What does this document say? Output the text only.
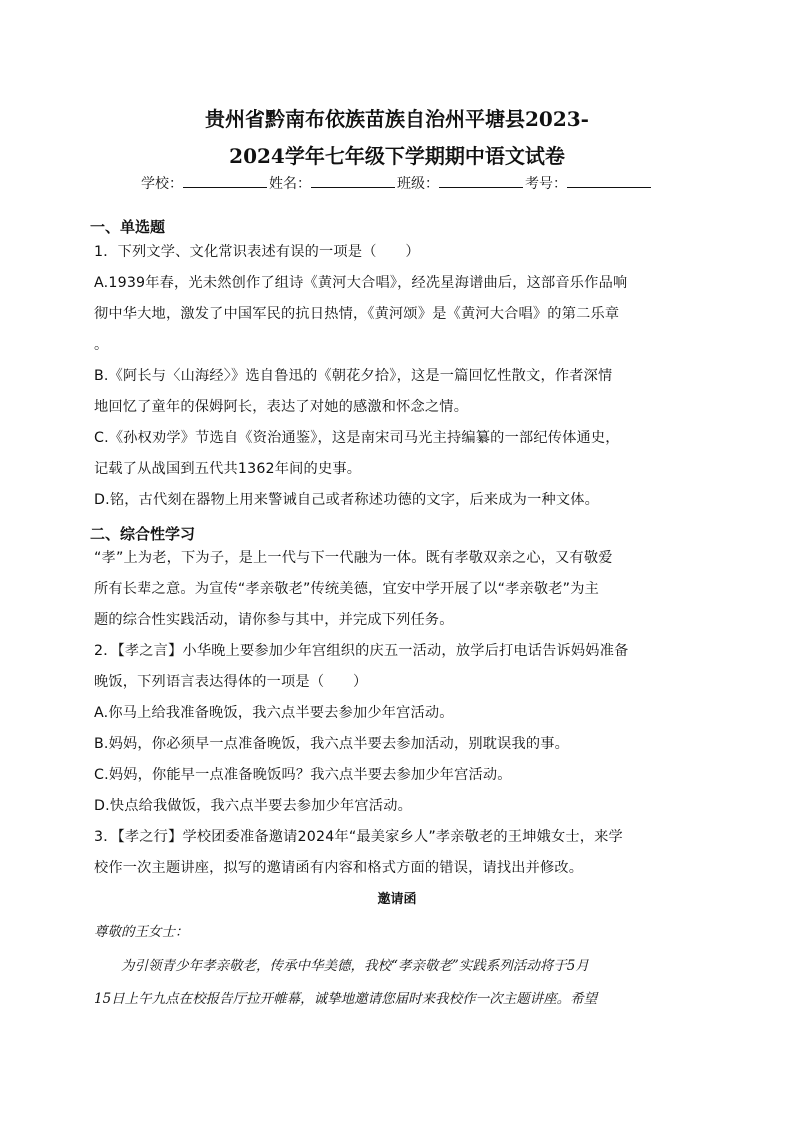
贵州省黔南布依族苗族自治州平塘县2023-
2024学年七年级下学期期中语文试卷
学校：	姓名：	班级：	考号：
一、单选题
1．下列文学、文化常识表述有误的一项是（　　）
A.1939年春，光未然创作了组诗《黄河大合唱》，经冼星海谱曲后，这部音乐作品响
彻中华大地，激发了中国军民的抗日热情，《黄河颂》是《黄河大合唱》的第二乐章
。
B.《阿长与〈山海经〉》选自鲁迅的《朝花夕拾》，这是一篇回忆性散文，作者深情
地回忆了童年的保姆阿长，表达了对她的感激和怀念之情。
C.《孙权劝学》节选自《资治通鉴》，这是南宋司马光主持编纂的一部纪传体通史，
记载了从战国到五代共1362年间的史事。
D.铭，古代刻在器物上用来警诫自己或者称述功德的文字，后来成为一种文体。
二、综合性学习
“孝”上为老，下为子，是上一代与下一代融为一体。既有孝敬双亲之心，又有敬爱
所有长辈之意。为宣传“孝亲敬老”传统美德，宜安中学开展了以“孝亲敬老”为主
题的综合性实践活动，请你参与其中，并完成下列任务。
2．【孝之言】小华晚上要参加少年宫组织的庆五一活动，放学后打电话告诉妈妈准备
晚饭，下列语言表达得体的一项是（　　）
A.你马上给我准备晚饭，我六点半要去参加少年宫活动。
B.妈妈，你必须早一点准备晚饭，我六点半要去参加活动，别耽误我的事。
C.妈妈，你能早一点准备晚饭吗？我六点半要去参加少年宫活动。
D.快点给我做饭，我六点半要去参加少年宫活动。
3．【孝之行】学校团委准备邀请2024年“最美家乡人”孝亲敬老的王坤娥女士，来学
校作一次主题讲座，拟写的邀请函有内容和格式方面的错误，请找出并修改。
邀请函
尊敬的王女士：
　　为引领青少年孝亲敬老，传承中华美德，我校“孝亲敬老”实践系列活动将于5月
15日上午九点在校报告厅拉开帷幕，诚挚地邀请您届时来我校作一次主题讲座。希望
